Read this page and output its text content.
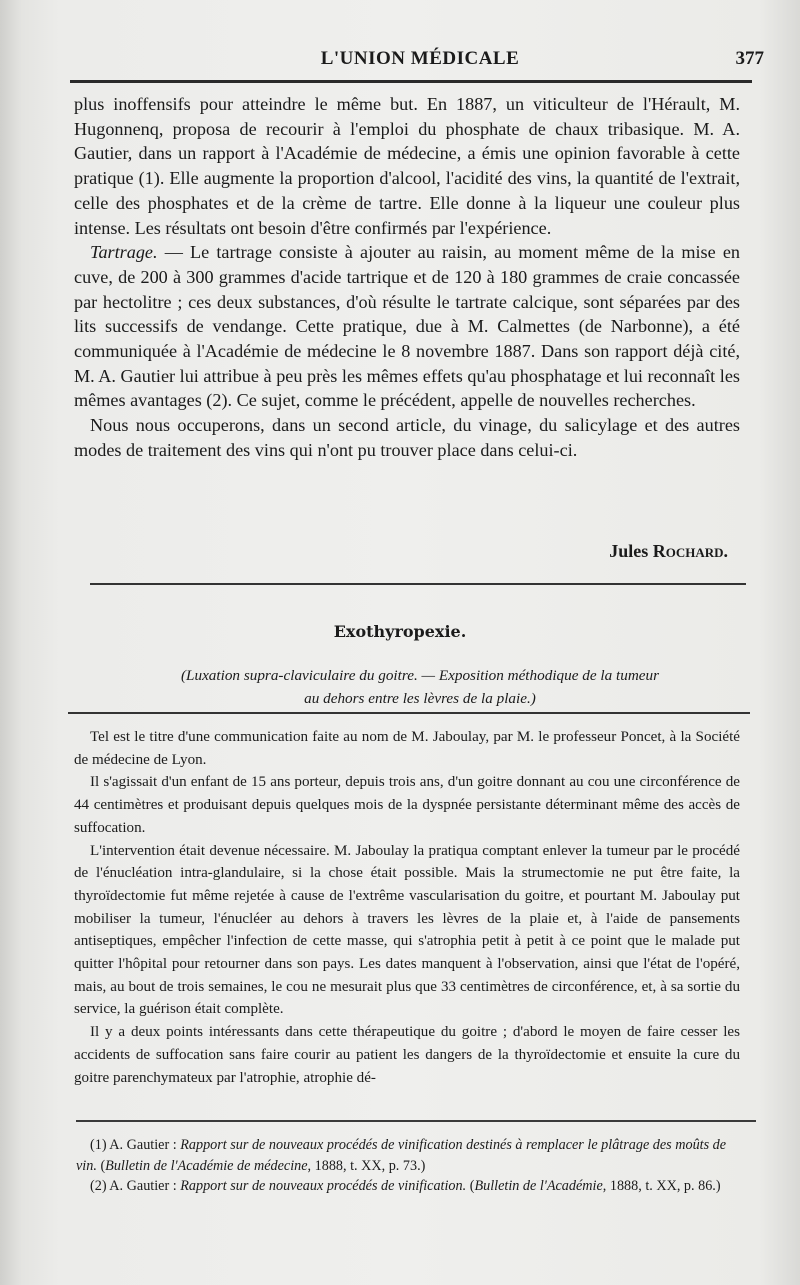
L'UNION MÉDICALE	377

plus inoffensifs pour atteindre le même but. En 1887, un viticulteur de l'Hérault, M. Hugonnenq, proposa de recourir à l'emploi du phosphate de chaux tribasique. M. A. Gautier, dans un rapport à l'Académie de médecine, a émis une opinion favorable à cette pratique (1). Elle augmente la proportion d'alcool, l'acidité des vins, la quantité de l'extrait, celle des phosphates et de la crème de tartre. Elle donne à la liqueur une couleur plus intense. Les résultats ont besoin d'être confirmés par l'expérience.

Tartrage. — Le tartrage consiste à ajouter au raisin, au moment même de la mise en cuve, de 200 à 300 grammes d'acide tartrique et de 120 à 180 grammes de craie concassée par hectolitre ; ces deux substances, d'où résulte le tartrate calcique, sont séparées par des lits successifs de vendange. Cette pratique, due à M. Calmettes (de Narbonne), a été communiquée à l'Académie de médecine le 8 novembre 1887. Dans son rapport déjà cité, M. A. Gautier lui attribue à peu près les mêmes effets qu'au phosphatage et lui reconnaît les mêmes avantages (2). Ce sujet, comme le précédent, appelle de nouvelles recherches.

Nous nous occuperons, dans un second article, du vinage, du salicylage et des autres modes de traitement des vins qui n'ont pu trouver place dans celui-ci.

Jules Rochard.
Exothyropexie.
(Luxation supra-claviculaire du goitre. — Exposition méthodique de la tumeur
au dehors entre les lèvres de la plaie.)

Tel est le titre d'une communication faite au nom de M. Jaboulay, par M. le professeur Poncet, à la Société de médecine de Lyon.

Il s'agissait d'un enfant de 15 ans porteur, depuis trois ans, d'un goitre donnant au cou une circonférence de 44 centimètres et produisant depuis quelques mois de la dyspnée persistante déterminant même des accès de suffocation.

L'intervention était devenue nécessaire. M. Jaboulay la pratiqua comptant enlever la tumeur par le procédé de l'énucléation intra-glandulaire, si la chose était possible. Mais la strumectomie ne put être faite, la thyroïdectomie fut même rejetée à cause de l'extrême vascularisation du goitre, et pourtant M. Jaboulay put mobiliser la tumeur, l'énucléer au dehors à travers les lèvres de la plaie et, à l'aide de pansements antiseptiques, empêcher l'infection de cette masse, qui s'atrophia petit à petit à ce point que le malade put quitter l'hôpital pour retourner dans son pays. Les dates manquent à l'observation, ainsi que l'état de l'opéré, mais, au bout de trois semaines, le cou ne mesurait plus que 33 centimètres de circonférence, et, à sa sortie du service, la guérison était complète.

Il y a deux points intéressants dans cette thérapeutique du goitre ; d'abord le moyen de faire cesser les accidents de suffocation sans faire courir au patient les dangers de la thyroïdectomie et ensuite la cure du goitre parenchymateux par l'atrophie, atrophie dé-

(1) A. Gautier : Rapport sur de nouveaux procédés de vinification destinés à remplacer le plâtrage des moûts de vin. (Bulletin de l'Académie de médecine, 1888, t. XX, p. 73.)

(2) A. Gautier : Rapport sur de nouveaux procédés de vinification. (Bulletin de l'Académie, 1888, t. XX, p. 86.)
